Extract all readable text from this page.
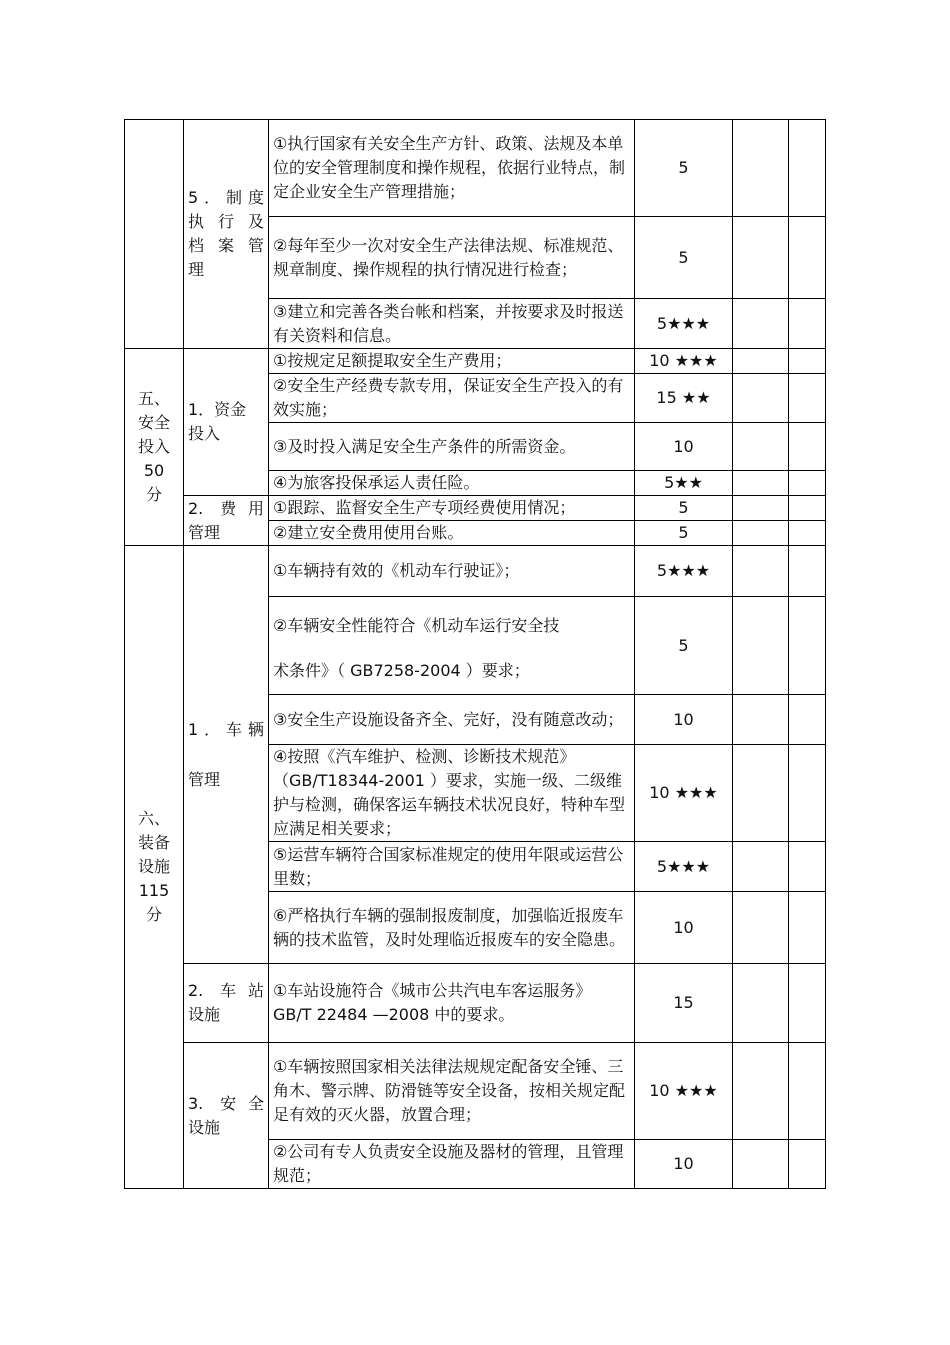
	5．制度
执行及
档案管
理	①执行国家有关安全生产方针、政策、法规及本单位的安全管理制度和操作规程，依据行业特点，制定企业安全生产管理措施；	5		
		②每年至少一次对安全生产法律法规、标准规范、规章制度、操作规程的执行情况进行检查；	5		
		③建立和完善各类台帐和档案，并按要求及时报送有关资料和信息。	5★★★		

五、
安全
投入
50
分	1．资金
投入	①按规定足额提取安全生产费用；	10 ★★★		
		②安全生产经费专款专用，保证安全生产投入的有效实施；	15 ★★		
		③及时投入满足安全生产条件的所需资金。	10		
		④为旅客投保承运人责任险。	5★★		

	2. 费用
管理	①跟踪、监督安全生产专项经费使用情况；	5		
		②建立安全费用使用台账。	5		

六、
装备
设施
115
分	1．车辆
管理	①车辆持有效的《机动车行驶证》；	5★★★		

		②车辆安全性能符合《机动车运行安全技
术条件》（ GB7258-2004 ）要求；	5		
		③安全生产设施设备齐全、完好，没有随意改动；	10		
		④按照《汽车维护、检测、诊断技术规范》（GB/T18344-2001 ）要求，实施一级、二级维护与检测，确保客运车辆技术状况良好，特种车型应满足相关要求；	10 ★★★		
		⑤运营车辆符合国家标准规定的使用年限或运营公里数；	5★★★		
		⑥严格执行车辆的强制报废制度，加强临近报废车辆的技术监管，及时处理临近报废车的安全隐患。	10		

	2. 车站
设施	①车站设施符合《城市公共汽电车客运服务》 GB/T 22484 —2008 中的要求。	15		

	3. 安全
设施	①车辆按照国家相关法律法规规定配备安全锤、三角木、警示牌、防滑链等安全设备，按相关规定配足有效的灭火器，放置合理；	10 ★★★		
		②公司有专人负责安全设施及器材的管理，且管理规范；	10		
